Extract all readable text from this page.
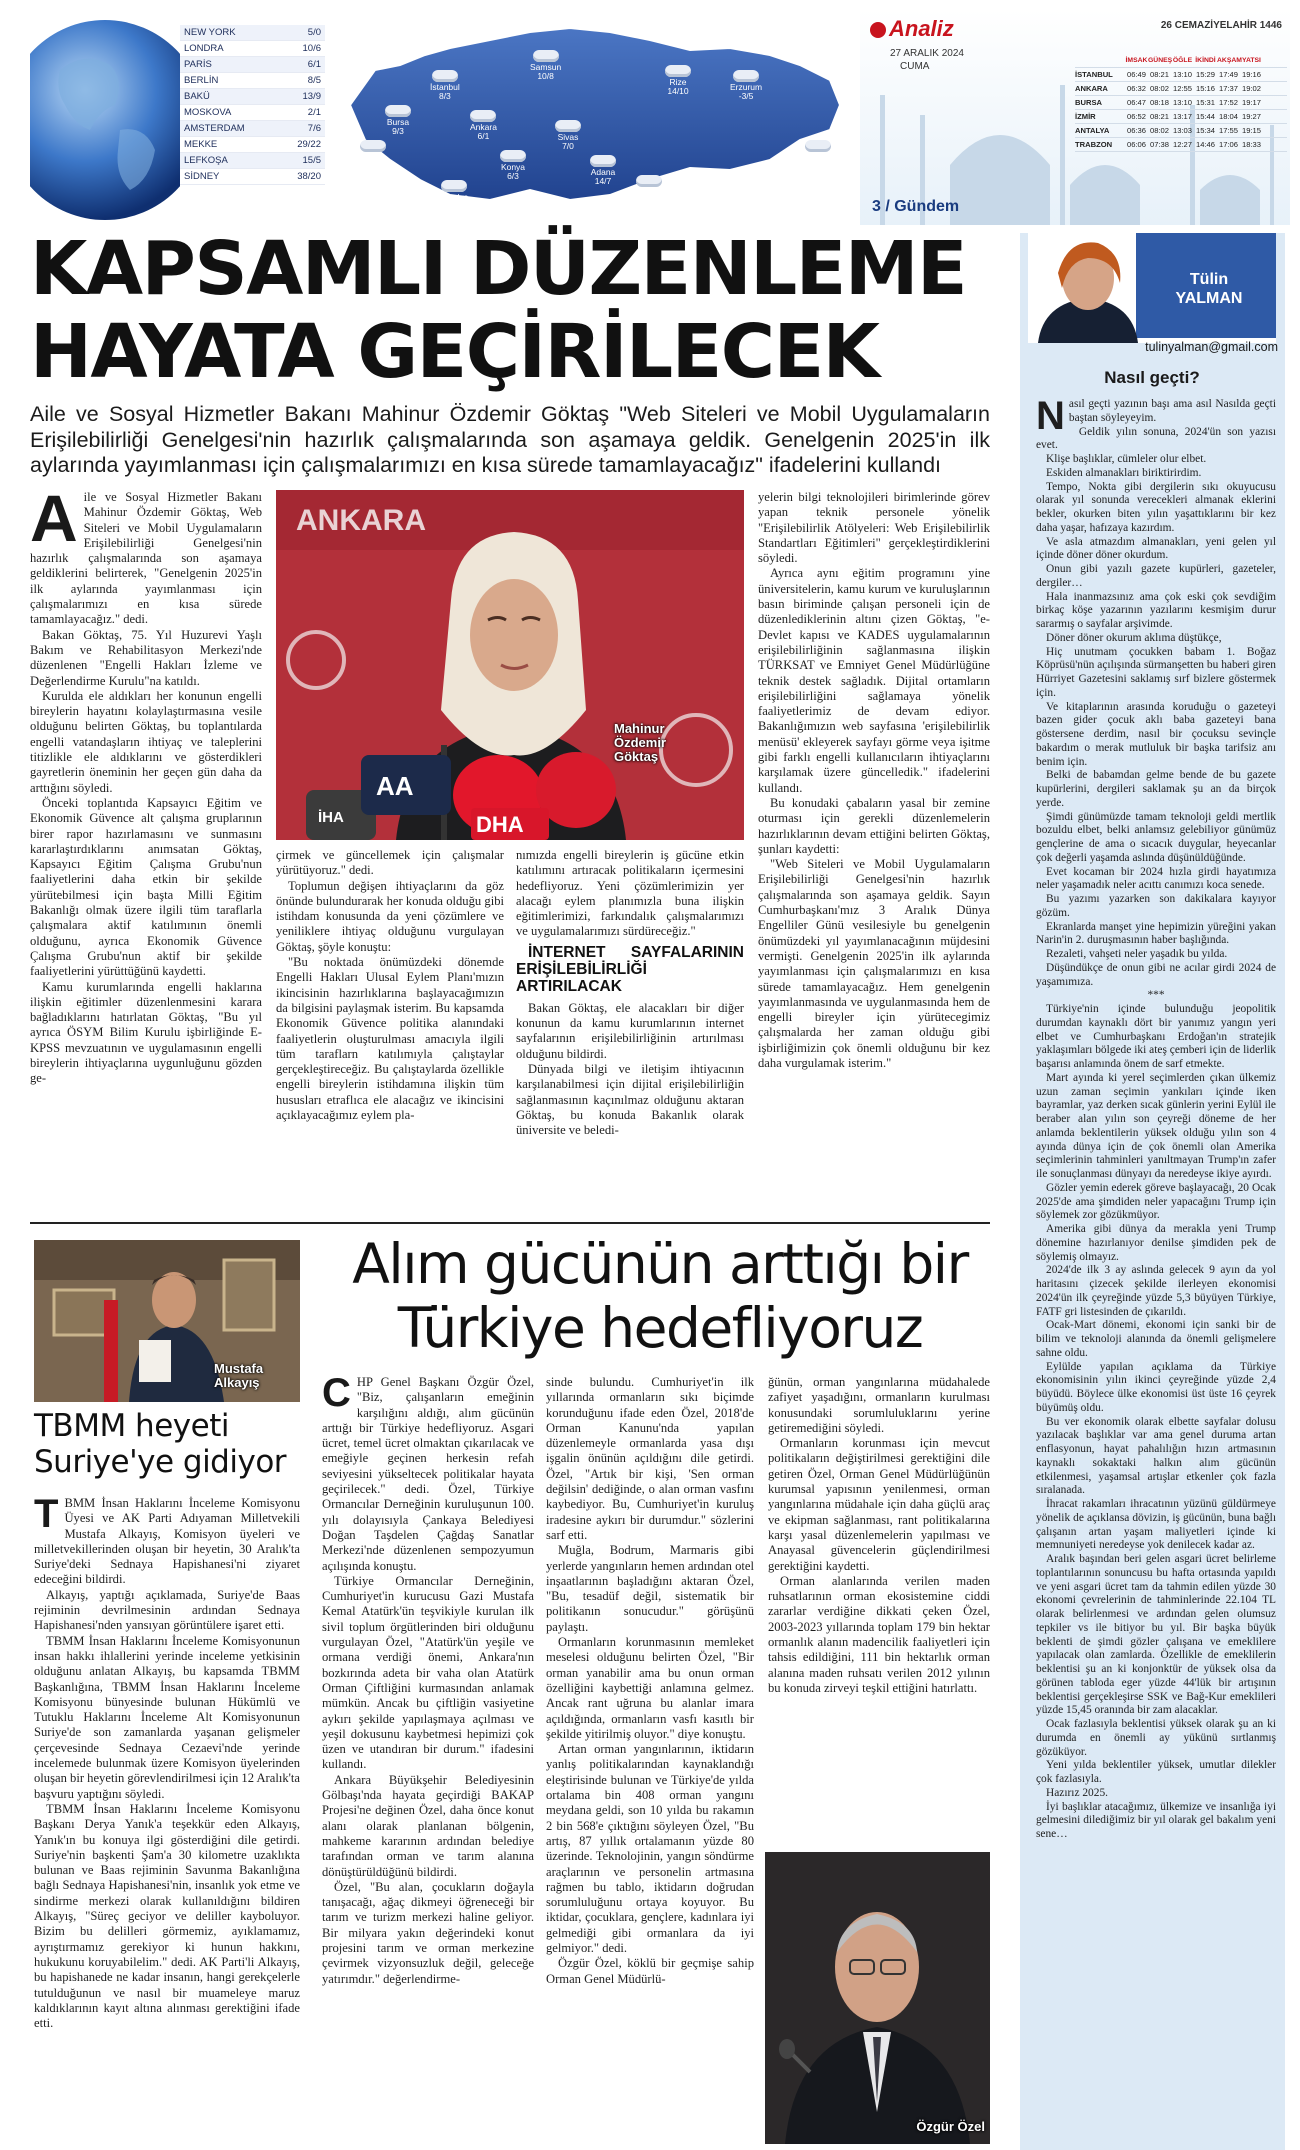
NEW YORK	5/0
LONDRA	10/6
PARİS	6/1
BERLİN	8/5
BAKÜ	13/9
MOSKOVA	2/1
AMSTERDAM	7/6
MEKKE	29/22
LEFKOŞA	15/5
SİDNEY	38/20
İstanbul
8/3
Samsun
10/8
Rize
14/10	Erzurum
-3/5
Bursa
9/3	Ankara
6/1	Sivas
7/0
İzmir
12/4	Konya
6/3	Adana
14/7
Van
7/-3
Antalya
16/10
Diyarbakır
9/4
Analiz
27 ARALIK 2024
CUMA
26 CEMAZİYELAHİR 1446
İMSAK GÜNEŞ ÖĞLE İKİNDİ AKŞAM YATSI
İSTANBUL	06:49 08:21 13:10 15:29 17:49 19:16
ANKARA	06:32 08:02 12:55 15:16 17:37 19:02
BURSA	06:47 08:18 13:10 15:31 17:52 19:17
İZMİR	06:52 08:21 13:17 15:44 18:04 19:27
ANTALYA	06:36 08:02 13:03 15:34 17:55 19:15
TRABZON	06:06 07:38 12:27 14:46 17:06 18:33
3 / Gündem
KAPSAMLI DÜZENLEME
HAYATA GEÇİRİLECEK
Aile ve Sosyal Hizmetler Bakanı Mahinur Özdemir Göktaş "Web Siteleri ve Mobil Uygulamaların Erişilebilirliği Genelgesi'nin hazırlık çalışmalarında son aşamaya geldik. Genelgenin 2025'in ilk aylarında yayımlanması için çalışmalarımızı en kısa sürede tamamlayacağız" ifadelerini kullandı

Aile ve Sosyal Hizmetler Bakanı Mahinur Özdemir Göktaş, Web Siteleri ve Mobil Uygulamaların Erişilebilirliği Genelgesi'nin hazırlık çalışmalarında son aşamaya geldiklerini belirterek, "Genelgenin 2025'in ilk aylarında yayımlanması için çalışmalarımızı en kısa sürede tamamlayacağız." dedi.

Bakan Göktaş, 75. Yıl Huzurevi Yaşlı Bakım ve Rehabilitasyon Merkezi'nde düzenlenen "Engelli Hakları İzleme ve Değerlendirme Kurulu"na katıldı.

Kurulda ele aldıkları her konunun engelli bireylerin hayatını kolaylaştırmasına vesile olduğunu belirten Göktaş, bu toplantılarda engelli vatandaşların ihtiyaç ve taleplerini titizlikle ele aldıklarını ve gösterdikleri gayretlerin öneminin her geçen gün daha da arttığını söyledi.

Önceki toplantıda Kapsayıcı Eğitim ve Ekonomik Güvence alt çalışma gruplarının birer rapor hazırlamasını ve sunmasını kararlaştırdıklarını anımsatan Göktaş, Kapsayıcı Eğitim Çalışma Grubu'nun faaliyetlerini daha etkin bir şekilde yürütebilmesi için başta Milli Eğitim Bakanlığı olmak üzere ilgili tüm taraflarla çalışmalara aktif katılımının önemli olduğunu, ayrıca Ekonomik Güvence Çalışma Grubu'nun aktif bir şekilde faaliyetlerini yürüttüğünü kaydetti.

Kamu kurumlarında engelli haklarına ilişkin eğitimler düzenlenmesini karara bağladıklarını hatırlatan Göktaş, "Bu yıl ayrıca ÖSYM Bilim Kurulu işbirliğinde E-KPSS mevzuatının ve uygulamasının engelli bireylerin ihtiyaçlarına uygunluğunu gözden ge-

ANKARA
İHA
AA
DHA
Mahinur Özdemir Göktaş

çirmek ve güncellemek için çalışmalar yürütüyoruz." dedi.

Toplumun değişen ihtiyaçlarını da göz önünde bulundurarak her konuda olduğu gibi istihdam konusunda da yeni çözümlere ve yeniliklere ihtiyaç olduğunu vurgulayan Göktaş, şöyle konuştu:

"Bu noktada önümüzdeki dönemde Engelli Hakları Ulusal Eylem Planı'mızın ikincisinin hazırlıklarına başlayacağımızın da bilgisini paylaşmak isterim. Bu kapsamda Ekonomik Güvence politika alanındaki faaliyetlerin oluşturulması amacıyla ilgili tüm taraflarn katılımıyla çalıştaylar gerçekleştireceğiz. Bu çalıştaylarda özellikle engelli bireylerin istihdamına ilişkin tüm hususları etraflıca ele alacağız ve ikincisini açıklayacağımız eylem pla-

nımızda engelli bireylerin iş gücüne etkin katılımını artıracak politikaların içermesini hedefliyoruz. Yeni çözümlerimizin yer alacağı eylem planımızla buna ilişkin eğitimlerimizi, farkındalık çalışmalarımızı ve uygulamalarımızı sürdüreceğiz."

İNTERNET SAYFALARININ ERİŞİLEBİLİRLİĞİ ARTIRILACAK

Bakan Göktaş, ele alacakları bir diğer konunun da kamu kurumlarının internet sayfalarının erişilebilirliğinin artırılması olduğunu bildirdi.

Dünyada bilgi ve iletişim ihtiyacının karşılanabilmesi için dijital erişilebilirliğin sağlanmasının kaçınılmaz olduğunu aktaran Göktaş, bu konuda Bakanlık olarak üniversite ve beledi-

yelerin bilgi teknolojileri birimlerinde görev yapan teknik personele yönelik "Erişilebilirlik Atölyeleri: Web Erişilebilirlik Standartları Eğitimleri" gerçekleştirdiklerini söyledi.

Ayrıca aynı eğitim programını yine üniversitelerin, kamu kurum ve kuruluşlarının basın biriminde çalışan personeli için de düzenlediklerinin altını çizen Göktaş, "e-Devlet kapısı ve KADES uygulamalarının erişilebilirliğinin sağlanmasına ilişkin TÜRKSAT ve Emniyet Genel Müdürlüğüne teknik destek sağladık. Dijital ortamların erişilebilirliğini sağlamaya yönelik faaliyetlerimiz de devam ediyor. Bakanlığımızın web sayfasına 'erişilebilirlik menüsü' ekleyerek sayfayı görme veya işitme gibi farklı engelli kullanıcıların ihtiyaçlarını karşılamak üzere güncelledik." ifadelerini kullandı.

Bu konudaki çabaların yasal bir zemine oturması için gerekli düzenlemelerin hazırlıklarının devam ettiğini belirten Göktaş, şunları kaydetti:

"Web Siteleri ve Mobil Uygulamaların Erişilebilirliği Genelgesi'nin hazırlık çalışmalarında son aşamaya geldik. Sayın Cumhurbaşkanı'mız 3 Aralık Dünya Engelliler Günü vesilesiyle bu genelgenin önümüzdeki yıl yayımlanacağının müjdesini vermişti. Genelgenin 2025'in ilk aylarında yayımlanması için çalışmalarımızı en kısa sürede tamamlayacağız. Hem genelgenin yayımlanmasında ve uygulanmasında hem de engelli bireyler için yürütecegimiz çalışmalarda her zaman olduğu gibi işbirliğimizin çok önemli olduğunu bir kez daha vurgulamak isterim."

Mustafa Alkayış
TBMM heyeti Suriye'ye gidiyor

TBMM İnsan Haklarını İnceleme Komisyonu Üyesi ve AK Parti Adıyaman Milletvekili Mustafa Alkayış, Komisyon üyeleri ve milletvekillerinden oluşan bir heyetin, 30 Aralık'ta Suriye'deki Sednaya Hapishanesi'ni ziyaret edeceğini bildirdi.

Alkayış, yaptığı açıklamada, Suriye'de Baas rejiminin devrilmesinin ardından Sednaya Hapishanesi'nden yansıyan görüntülere işaret etti.

TBMM İnsan Haklarını İnceleme Komisyonunun insan hakkı ihlallerini yerinde inceleme yetkisinin olduğunu anlatan Alkayış, bu kapsamda TBMM Başkanlığına, TBMM İnsan Haklarını İnceleme Komisyonu bünyesinde bulunan Hükümlü ve Tutuklu Haklarını İnceleme Alt Komisyonunun Suriye'de son zamanlarda yaşanan gelişmeler çerçevesinde Sednaya Cezaevi'nde yerinde incelemede bulunmak üzere Komisyon üyelerinden oluşan bir heyetin görevlendirilmesi için 12 Aralık'ta başvuru yaptığını söyledi.

TBMM İnsan Haklarını İnceleme Komisyonu Başkanı Derya Yanık'a teşekkür eden Alkayış, Yanık'ın bu konuya ilgi gösterdiğini dile getirdi. Suriye'nin başkenti Şam'a 30 kilometre uzaklıkta bulunan ve Baas rejiminin Savunma Bakanlığına bağlı Sednaya Hapishanesi'nin, insanlık yok etme ve sindirme merkezi olarak kullanıldığını bildiren Alkayış, "Süreç geciyor ve deliller kayboluyor. Bizim bu delilleri görmemiz, ayıklamamız, ayrıştırmamız gerekiyor ki hunun hakkını, hukukunu koruyabilelim." dedi. AK Parti'li Alkayış, bu hapishanede ne kadar insanın, hangi gerekçelerle tutulduğunun ve nasıl bir muameleye maruz kaldıklarının kayıt altına alınması gerektiğini ifade etti.

Alım gücünün arttığı bir
Türkiye hedefliyoruz

CHP Genel Başkanı Özgür Özel, "Biz, çalışanların emeğinin karşılığını aldığı, alım gücünün arttığı bir Türkiye hedefliyoruz. Asgari ücret, temel ücret olmaktan çıkarılacak ve emeğiyle geçinen herkesin refah seviyesini yükseltecek politikalar hayata geçirilecek." dedi. Özel, Türkiye Ormancılar Derneğinin kuruluşunun 100. yılı dolayısıyla Çankaya Belediyesi Doğan Taşdelen Çağdaş Sanatlar Merkezi'nde düzenlenen sempozyumun açılışında konuştu.

Türkiye Ormancılar Derneğinin, Cumhuriyet'in kurucusu Gazi Mustafa Kemal Atatürk'ün teşvikiyle kurulan ilk sivil toplum örgütlerinden biri olduğunu vurgulayan Özel, "Atatürk'ün yeşile ve ormana verdiği önemi, Ankara'nın bozkırında adeta bir vaha olan Atatürk Orman Çiftliğini kurmasından anlamak mümkün. Ancak bu çiftliğin vasiyetine aykırı şekilde yapılaşmaya açılması ve yeşil dokusunu kaybetmesi hepimizi çok üzen ve utandıran bir durum." ifadesini kullandı.

Ankara Büyükşehir Belediyesinin Gölbaşı'nda hayata geçirdiği BAKAP Projesi'ne değinen Özel, daha önce konut alanı olarak planlanan bölgenin, mahkeme kararının ardından belediye tarafından orman ve tarım alanına dönüştürüldüğünü bildirdi.

Özel, "Bu alan, çocukların doğayla tanışacağı, ağaç dikmeyi öğreneceği bir tarım ve turizm merkezi haline geliyor. Bir milyara yakın değerindeki konut projesini tarım ve orman merkezine çevirmek vizyonsuzluk değil, geleceğe yatırımdır." değerlendirme-

sinde bulundu. Cumhuriyet'in ilk yıllarında ormanların sıkı biçimde korunduğunu ifade eden Özel, 2018'de Orman Kanunu'nda yapılan düzenlemeyle ormanlarda yasa dışı işgalin önünün açıldığını dile getirdi. Özel, "Artık bir kişi, 'Sen orman değilsin' dediğinde, o alan orman vasfını kaybediyor. Bu, Cumhuriyet'in kuruluş iradesine aykırı bir durumdur." sözlerini sarf etti.

Muğla, Bodrum, Marmaris gibi yerlerde yangınların hemen ardından otel inşaatlarının başladığını aktaran Özel, "Bu, tesadüf değil, sistematik bir politikanın sonucudur." görüşünü paylaştı.

Ormanların korunmasının memleket meselesi olduğunu belirten Özel, "Bir orman yanabilir ama bu onun orman özelliğini kaybettiği anlamına gelmez. Ancak rant uğruna bu alanlar imara açıldığında, ormanların vasfı kasıtlı bir şekilde yitirilmiş oluyor." diye konuştu.

Artan orman yangınlarının, iktidarın yanlış politikalarından kaynaklandığı eleştirisinde bulunan ve Türkiye'de yılda ortalama bin 408 orman yangını meydana geldi, son 10 yılda bu rakamın 2 bin 568'e çıktığını söyleyen Özel, "Bu artış, 87 yıllık ortalamanın yüzde 80 üzerinde. Teknolojinin, yangın söndürme araçlarının ve personelin artmasına rağmen bu tablo, iktidarın doğrudan sorumluluğunu ortaya koyuyor. Bu iktidar, çocuklara, gençlere, kadınlara iyi gelmediği gibi ormanlara da iyi gelmiyor." dedi.

Özgür Özel, köklü bir geçmişe sahip Orman Genel Müdürlü-

ğünün, orman yangınlarına müdahalede zafiyet yaşadığını, ormanların kurulması konusundaki sorumluluklarını yerine getiremediğini söyledi.

Ormanların korunması için mevcut politikaların değiştirilmesi gerektiğini dile getiren Özel, Orman Genel Müdürlüğünün kurumsal yapısının yenilenmesi, orman yangınlarına müdahale için daha güçlü araç ve ekipman sağlanması, rant politikalarına karşı yasal düzenlemelerin yapılması ve Anayasal güvencelerin güçlendirilmesi gerektiğini kaydetti.

Orman alanlarında verilen maden ruhsatlarının orman ekosistemine ciddi zararlar verdiğine dikkati çeken Özel, 2003-2023 yıllarında toplam 179 bin hektar ormanlık alanın madencilik faaliyetleri için tahsis edildiğini, 111 bin hektarlık orman alanına maden ruhsatı verilen 2012 yılının bu konuda zirveyi teşkil ettiğini hatırlattı.

Özgür Özel
Tülin
YALMAN
tulinyalman@gmail.com
Nasıl geçti?

Nasıl geçti yazının başı ama asıl Nasılda geçti baştan söyleyeyim.

Geldik yılın sonuna, 2024'ün son yazısı evet.

Klişe başlıklar, cümleler olur elbet.

Eskiden almanakları biriktirirdim.

Tempo, Nokta gibi dergilerin sıkı okuyucusu olarak yıl sonunda verecekleri almanak eklerini bekler, okurken biten yılın yaşattıklarını bir kez daha yaşar, hafızaya kazırdım.

Ve asla atmazdım almanakları, yeni gelen yıl içinde döner döner okurdum.

Onun gibi yazılı gazete kupürleri, gazeteler, dergiler…

Hala inanmazsınız ama çok eski çok sevdiğim birkaç köşe yazarının yazılarını kesmişim durur sararmış o sayfalar arşivimde.

Döner döner okurum aklıma düştükçe,

Hiç unutmam çocukken babam 1. Boğaz Köprüsü'nün açılışında sürmanşetten bu haberi giren Hürriyet Gazetesini saklamış sırf bizlere göstermek için.

Ve kitaplarının arasında koruduğu o gazeteyi bazen gider çocuk aklı baba gazeteyi bana göstersene derdim, nasıl bir çocuksu sevinçle bakardım o merak mutluluk bir başka tarifsiz anı benim için.

Belki de babamdan gelme bende de bu gazete kupürlerini, dergileri saklamak şu an da birçok yerde.

Şimdi günümüzde tamam teknoloji geldi mertlik bozuldu elbet, belki anlamsız gelebiliyor günümüz gençlerine de ama o sıcacık duygular, heyecanlar çok değerli yaşamda aslında düşünüldüğünde.

Evet kocaman bir 2024 hızla girdi hayatımıza neler yaşamadık neler acıttı canımızı koca senede.

Bu yazımı yazarken son dakikalara kayıyor gözüm.

Ekranlarda manşet yine hepimizin yüreğini yakan Narin'in 2. duruşmasının haber başlığında.

Rezaleti, vahşeti neler yaşadık bu yılda.

Düşündükçe de onun gibi ne acılar girdi 2024 de yaşamımıza.

***

Türkiye'nin içinde bulunduğu jeopolitik durumdan kaynaklı dört bir yanımız yangın yeri elbet ve Cumhurbaşkanı Erdoğan'ın stratejik yaklaşımları bölgede iki ateş çemberi için de liderlik başarısı anlamında önem de sarf etmekte.

Mart ayında ki yerel seçimlerden çıkan ülkemiz uzun zaman seçimin yankıları içinde iken bayramlar, yaz derken sıcak günlerin yerini Eylül ile beraber alan yılın son çeyreği döneme de her anlamda beklentilerin yüksek olduğu yılın son 4 ayında dünya için de çok önemli olan Amerika seçimlerinin tahminleri yanıltmayan Trump'ın zafer ile sonuçlanması dünyayı da neredeyse ikiye ayırdı.

Gözler yemin ederek göreve başlayacağı, 20 Ocak 2025'de ama şimdiden neler yapacağını Trump için söylemek zor gözükmüyor.

Amerika gibi dünya da merakla yeni Trump dönemine hazırlanıyor denilse şimdiden pek de söylemiş olmayız.

2024'de ilk 3 ay aslında gelecek 9 ayın da yol haritasını çizecek şekilde ilerleyen ekonomisi 2024'ün ilk çeyreğinde yüzde 5,3 büyüyen Türkiye, FATF gri listesinden de çıkarıldı.

Ocak-Mart dönemi, ekonomi için sanki bir de bilim ve teknoloji alanında da önemli gelişmelere sahne oldu.

Eylülde yapılan açıklama da Türkiye ekonomisinin yılın ikinci çeyreğinde yüzde 2,4 büyüdü. Böylece ülke ekonomisi üst üste 16 çeyrek büyümüş oldu.

Bu ver ekonomik olarak elbette sayfalar dolusu yazılacak başlıklar var ama genel duruma artan enflasyonun, hayat pahalılığın hızın artmasının kaynaklı sokaktaki halkın alım gücünün etkilenmesi, yaşamsal artışlar etkenler çok fazla sıralanada.

İhracat rakamları ihracatının yüzünü güldürmeye yönelik de açıklansa dövizin, iş gücünün, buna bağlı çalışanın artan yaşam maliyetleri içinde ki memnuniyeti neredeyse yok denilecek kadar az.

Aralık başından beri gelen asgari ücret belirleme toplantılarının sonuncusu bu hafta ortasında yapıldı ve yeni asgari ücret tam da tahmin edilen yüzde 30 ekonomi çevrelerinin de tahminlerinde 22.104 TL olarak belirlenmesi ve ardından gelen olumsuz tepkiler vs ile bitiyor bu yıl. Bir başka büyük beklenti de şimdi gözler çalışana ve emeklilere yapılacak olan zamlarda. Özellikle de emeklilerin beklentisi şu an ki konjonktür de yüksek olsa da görünen tabloda eger yüzde 44'lük bir artışının beklentisi gerçekleşirse SSK ve Bağ-Kur emeklileri yüzde 15,45 oranında bir zam alacaklar.

Ocak fazlasıyla beklentisi yüksek olarak şu an ki durumda en önemli ay yükünü sırtlanmış gözüküyor.

Yeni yılda beklentiler yüksek, umutlar dilekler çok fazlasıyla.

Hazırız 2025.

İyi başlıklar atacağımız, ülkemize ve insanlığa iyi gelmesini dilediğimiz bir yıl olarak gel bakalım yeni sene…
